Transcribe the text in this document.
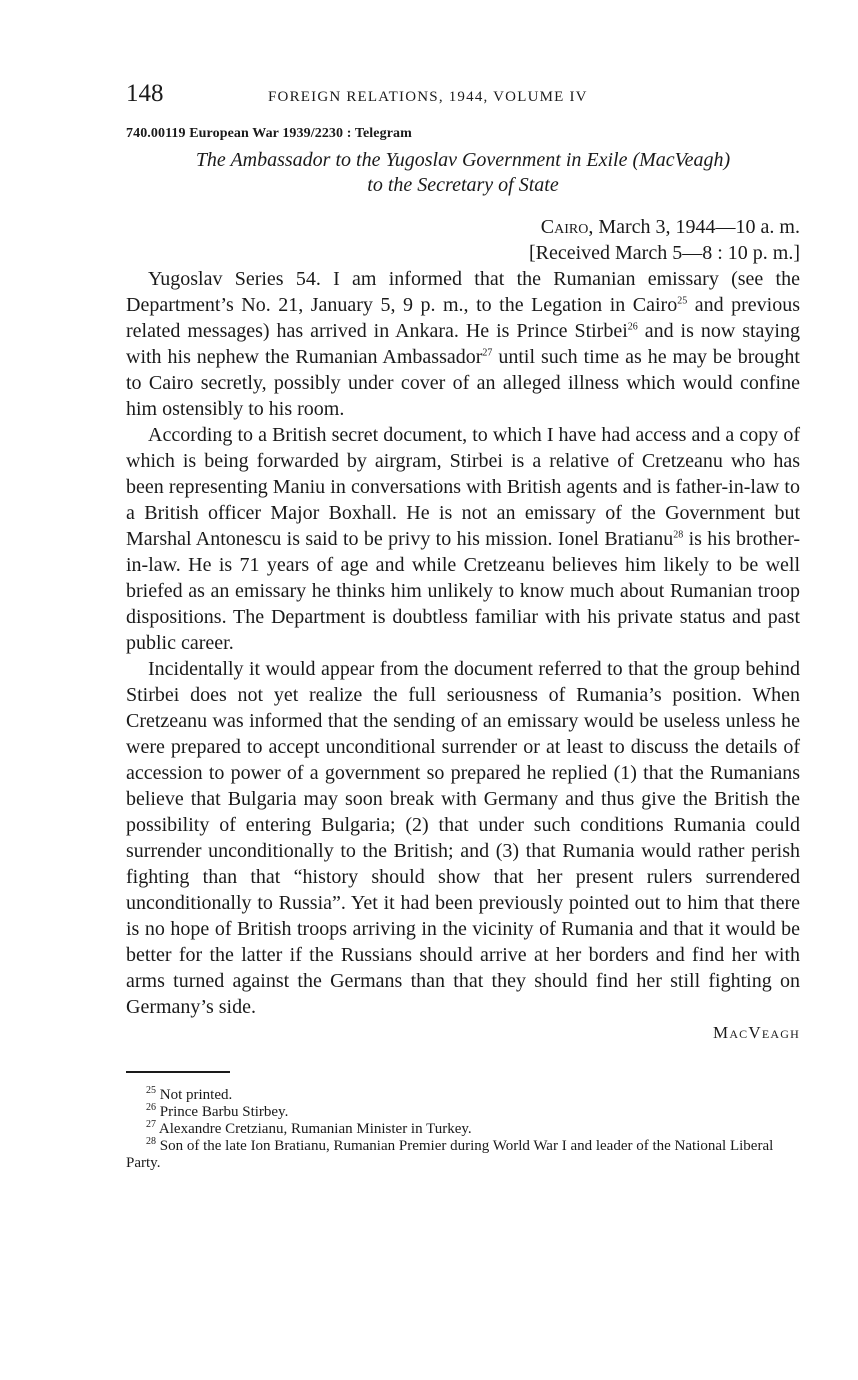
148	FOREIGN RELATIONS, 1944, VOLUME IV
740.00119 European War 1939/2230 : Telegram
The Ambassador to the Yugoslav Government in Exile (MacVeagh)
to the Secretary of State
Cairo, March 3, 1944—10 a. m.
[Received March 5—8 : 10 p. m.]

Yugoslav Series 54. I am informed that the Rumanian emissary (see the Department’s No. 21, January 5, 9 p. m., to the Legation in Cairo$^{25}$ and previous related messages) has arrived in Ankara. He is Prince Stirbei$^{26}$ and is now staying with his nephew the Rumanian Ambassador$^{27}$ until such time as he may be brought to Cairo secretly, possibly under cover of an alleged illness which would confine him ostensibly to his room.

According to a British secret document, to which I have had access and a copy of which is being forwarded by airgram, Stirbei is a relative of Cretzeanu who has been representing Maniu in conversations with British agents and is father-in-law to a British officer Major Boxhall. He is not an emissary of the Government but Marshal Antonescu is said to be privy to his mission. Ionel Bratianu$^{28}$ is his brother-in-law. He is 71 years of age and while Cretzeanu believes him likely to be well briefed as an emissary he thinks him unlikely to know much about Rumanian troop dispositions. The Department is doubtless familiar with his private status and past public career.

Incidentally it would appear from the document referred to that the group behind Stirbei does not yet realize the full seriousness of Rumania’s position. When Cretzeanu was informed that the sending of an emissary would be useless unless he were prepared to accept unconditional surrender or at least to discuss the details of accession to power of a government so prepared he replied (1) that the Rumanians believe that Bulgaria may soon break with Germany and thus give the British the possibility of entering Bulgaria; (2) that under such conditions Rumania could surrender unconditionally to the British; and (3) that Rumania would rather perish fighting than that “history should show that her present rulers surrendered unconditionally to Russia”. Yet it had been previously pointed out to him that there is no hope of British troops arriving in the vicinity of Rumania and that it would be better for the latter if the Russians should arrive at her borders and find her with arms turned against the Germans than that they should find her still fighting on Germany’s side.

MacVeagh
$^{25}$ Not printed.
$^{26}$ Prince Barbu Stirbey.
$^{27}$ Alexandre Cretzianu, Rumanian Minister in Turkey.
$^{28}$ Son of the late Ion Bratianu, Rumanian Premier during World War I and leader of the National Liberal Party.
